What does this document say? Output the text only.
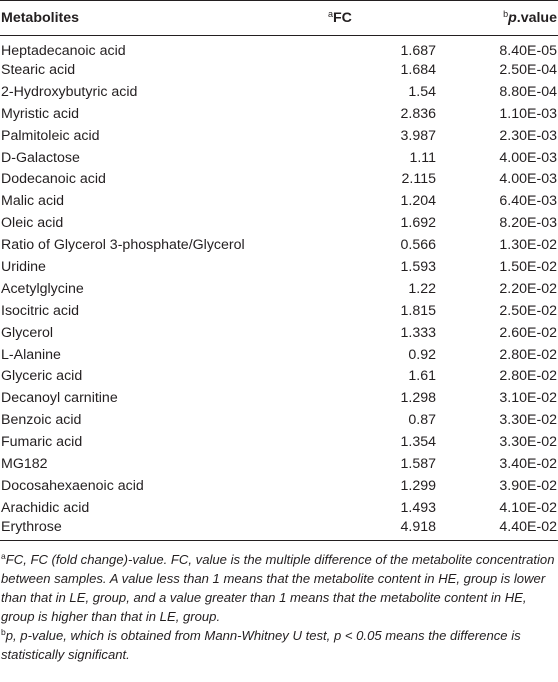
Metabolites	$^a$FC	$^b$p.value
Heptadecanoic acid	1.687	8.40E-05
Stearic acid	1.684	2.50E-04
2-Hydroxybutyric acid	1.54	8.80E-04
Myristic acid	2.836	1.10E-03
Palmitoleic acid	3.987	2.30E-03
D-Galactose	1.11	4.00E-03
Dodecanoic acid	2.115	4.00E-03
Malic acid	1.204	6.40E-03
Oleic acid	1.692	8.20E-03
Ratio of Glycerol 3-phosphate/Glycerol	0.566	1.30E-02
Uridine	1.593	1.50E-02
Acetylglycine	1.22	2.20E-02
Isocitric acid	1.815	2.50E-02
Glycerol	1.333	2.60E-02
L-Alanine	0.92	2.80E-02
Glyceric acid	1.61	2.80E-02
Decanoyl carnitine	1.298	3.10E-02
Benzoic acid	0.87	3.30E-02
Fumaric acid	1.354	3.30E-02
MG182	1.587	3.40E-02
Docosahexaenoic acid	1.299	3.90E-02
Arachidic acid	1.493	4.10E-02
Erythrose	4.918	4.40E-02

$^a$FC, FC (fold change)-value. FC, value is the multiple difference of the metabolite concentration between samples. A value less than 1 means that the metabolite content in HE, group is lower than that in LE, group, and a value greater than 1 means that the metabolite content in HE, group is higher than that in LE, group.

$^b$p, p-value, which is obtained from Mann-Whitney U test, p < 0.05 means the difference is statistically significant.
